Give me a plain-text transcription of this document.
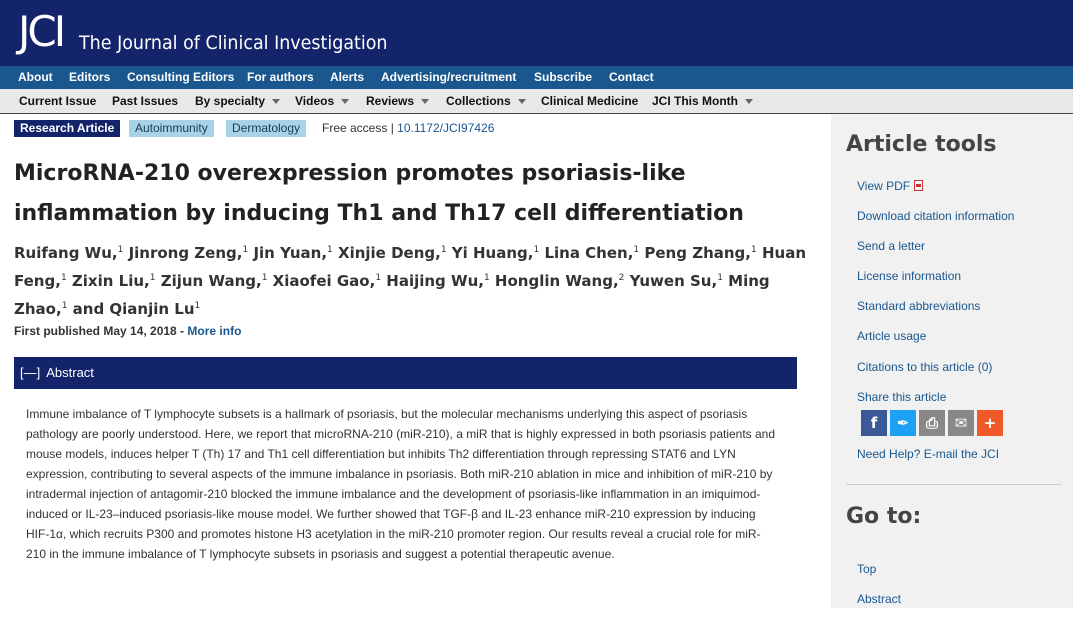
JCI The Journal of Clinical Investigation
About Editors Consulting Editors For authors Alerts Advertising/recruitment Subscribe Contact
Current Issue Past Issues By specialty	Videos	Reviews	Collections	Clinical Medicine JCI This Month
Research Article	Autoimmunity	Dermatology	Free access | 10.1172/JCI97426
MicroRNA-210 overexpression promotes psoriasis-like inflammation by inducing Th1 and Th17 cell differentiation
Ruifang Wu,$^1$ Jinrong Zeng,$^1$ Jin Yuan,$^1$ Xinjie Deng,$^1$ Yi Huang,$^1$ Lina Chen,$^1$ Peng Zhang,$^1$ Huan Feng,$^1$ Zixin Liu,$^1$ Zijun Wang,$^1$ Xiaofei Gao,$^1$ Haijing Wu,$^1$ Honglin Wang,$^2$ Yuwen Su,$^1$ Ming Zhao,$^1$ and Qianjin Lu$^1$
First published May 14, 2018 - More info
[—] Abstract

Immune imbalance of T lymphocyte subsets is a hallmark of psoriasis, but the molecular mechanisms underlying this aspect of psoriasis pathology are poorly understood. Here, we report that microRNA-210 (miR-210), a miR that is highly expressed in both psoriasis patients and mouse models, induces helper T (Th) 17 and Th1 cell differentiation but inhibits Th2 differentiation through repressing STAT6 and LYN expression, contributing to several aspects of the immune imbalance in psoriasis. Both miR-210 ablation in mice and inhibition of miR-210 by intradermal injection of antagomir-210 blocked the immune imbalance and the development of psoriasis-like inflammation in an imiquimod-induced or IL-23–induced psoriasis-like mouse model. We further showed that TGF-β and IL-23 enhance miR-210 expression by inducing HIF-1α, which recruits P300 and promotes histone H3 acetylation in the miR-210 promoter region. Our results reveal a crucial role for miR-210 in the immune imbalance of T lymphocyte subsets in psoriasis and suggest a potential therapeutic avenue.

Article tools
View PDF
Download citation information
Send a letter
License information
Standard abbreviations
Article usage
Citations to this article (0)
Share this article
f	✒	⎙	✉	+
Need Help? E-mail the JCI
Go to:
Top
Abstract
